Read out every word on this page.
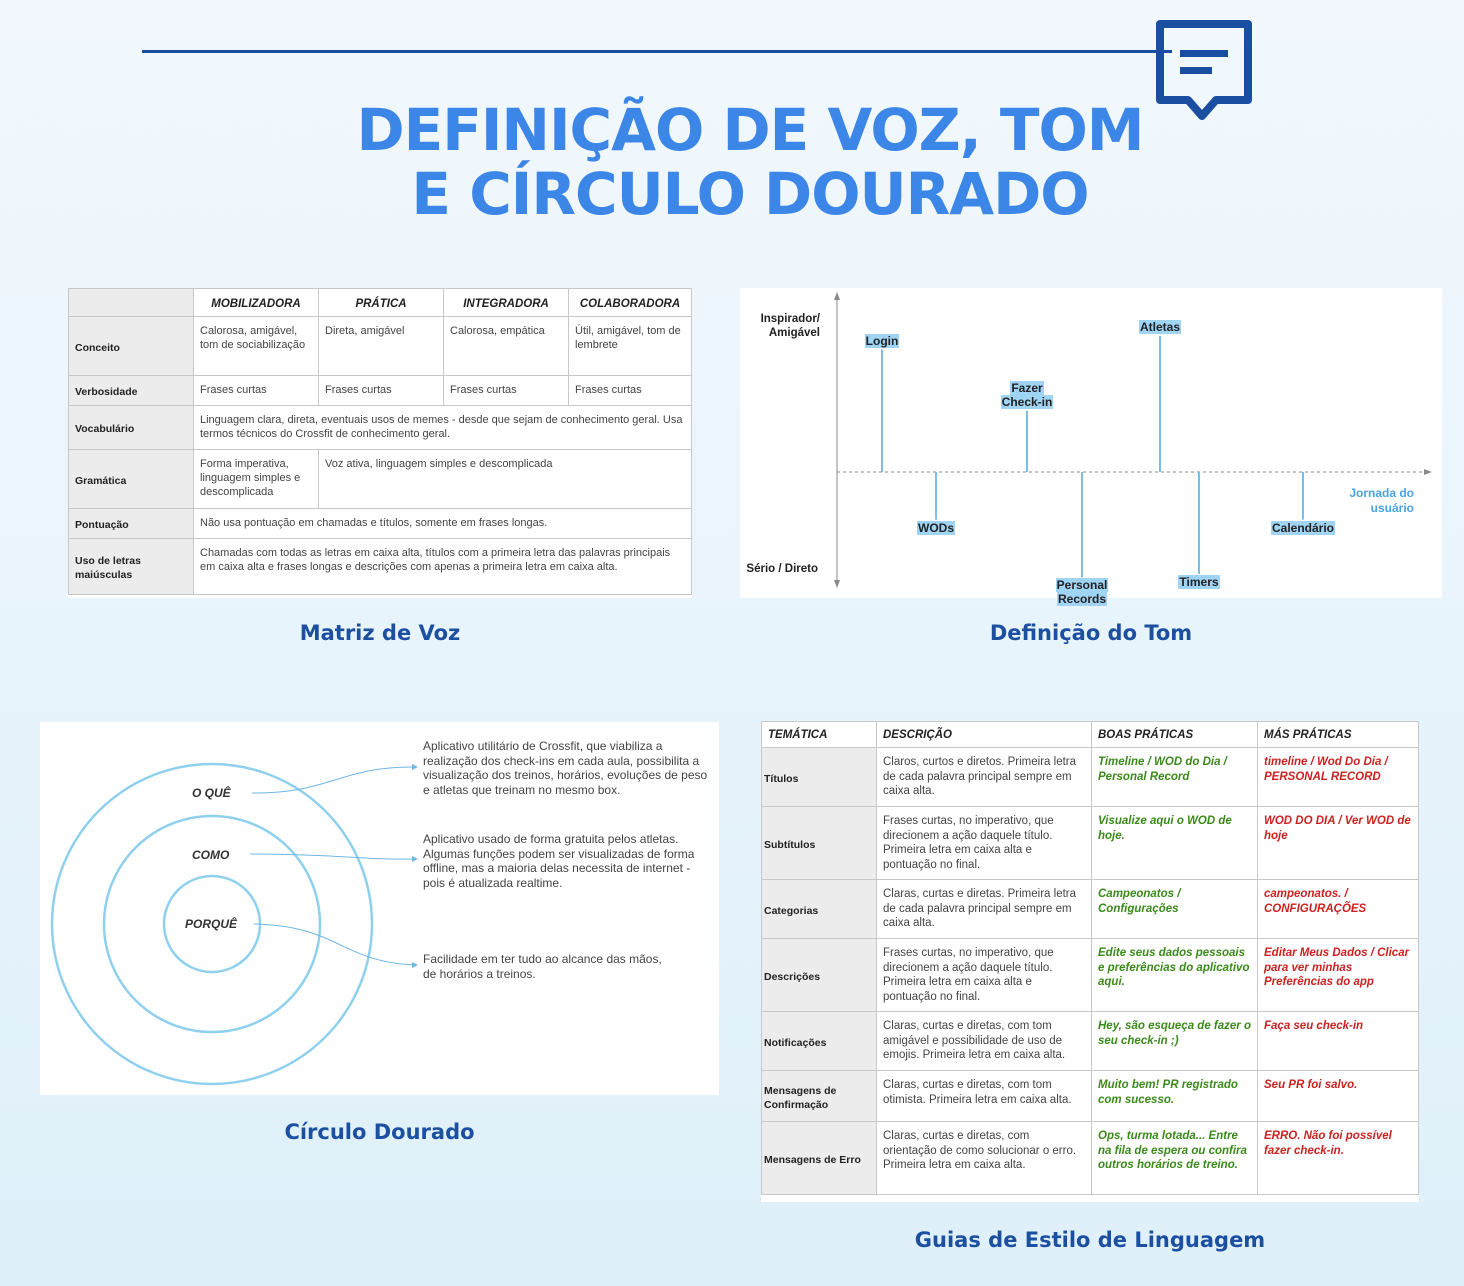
DEFINIÇÃO DE VOZ, TOM
E CÍRCULO DOURADO
	MOBILIZADORA	PRÁTICA	INTEGRADORA	COLABORADORA
Conceito	Calorosa, amigável, tom de sociabilização	Direta, amigável	Calorosa, empática	Útil, amigável, tom de lembrete
Verbosidade	Frases curtas	Frases curtas	Frases curtas	Frases curtas
Vocabulário	Linguagem clara, direta, eventuais usos de memes - desde que sejam de conhecimento geral. Usa termos técnicos do Crossfit de conhecimento geral.			
Gramática	Forma imperativa, linguagem simples e descomplicada	Voz ativa, linguagem simples e descomplicada		
Pontuação	Não usa pontuação em chamadas e títulos, somente em frases longas.			
Uso de letras maiúsculas	Chamadas com todas as letras em caixa alta, títulos com a primeira letra das palavras principais em caixa alta e frases longas e descrições com apenas a primeira letra em caixa alta.			
Matriz de Voz
Inspirador/ Amigável
Sério / Direto
Jornada do usuário
Login
WODs
Fazer
Check-in
Personal
Records
Atletas
Timers
Calendário
Definição do Tom
O QUÊ
COMO
PORQUÊ
Aplicativo utilitário de Crossfit, que viabiliza a realização dos check-ins em cada aula, possibilita a visualização dos treinos, horários, evoluções de peso e atletas que treinam no mesmo box.
Aplicativo usado de forma gratuita pelos atletas. Algumas funções podem ser visualizadas de forma offline, mas a maioria delas necessita de internet - pois é atualizada realtime.
Facilidade em ter tudo ao alcance das mãos, de horários a treinos.
Círculo Dourado
TEMÁTICA	DESCRIÇÃO	BOAS PRÁTICAS	MÁS PRÁTICAS
Títulos	Claros, curtos e diretos. Primeira letra de cada palavra principal sempre em caixa alta.	Timeline / WOD do Dia / Personal Record	timeline / Wod Do Dia / PERSONAL RECORD
Subtítulos	Frases curtas, no imperativo, que direcionem a ação daquele título. Primeira letra em caixa alta e pontuação no final.	Visualize aqui o WOD de hoje.	WOD DO DIA / Ver WOD de hoje
Categorias	Claras, curtas e diretas. Primeira letra de cada palavra principal sempre em caixa alta.	Campeonatos / Configurações	campeonatos. / CONFIGURAÇÕES
Descrições	Frases curtas, no imperativo, que direcionem a ação daquele título. Primeira letra em caixa alta e pontuação no final.	Edite seus dados pessoais e preferências do aplicativo aqui.	Editar Meus Dados / Clicar para ver minhas Preferências do app
Notificações	Claras, curtas e diretas, com tom amigável e possibilidade de uso de emojis. Primeira letra em caixa alta.	Hey, são esqueça de fazer o seu check-in ;)	Faça seu check-in
Mensagens de Confirmação	Claras, curtas e diretas, com tom otimista. Primeira letra em caixa alta.	Muito bem! PR registrado com sucesso.	Seu PR foi salvo.
Mensagens de Erro	Claras, curtas e diretas, com orientação de como solucionar o erro. Primeira letra em caixa alta.	Ops, turma lotada... Entre na fila de espera ou confira outros horários de treino.	ERRO. Não foi possível fazer check-in.
Guias de Estilo de Linguagem
